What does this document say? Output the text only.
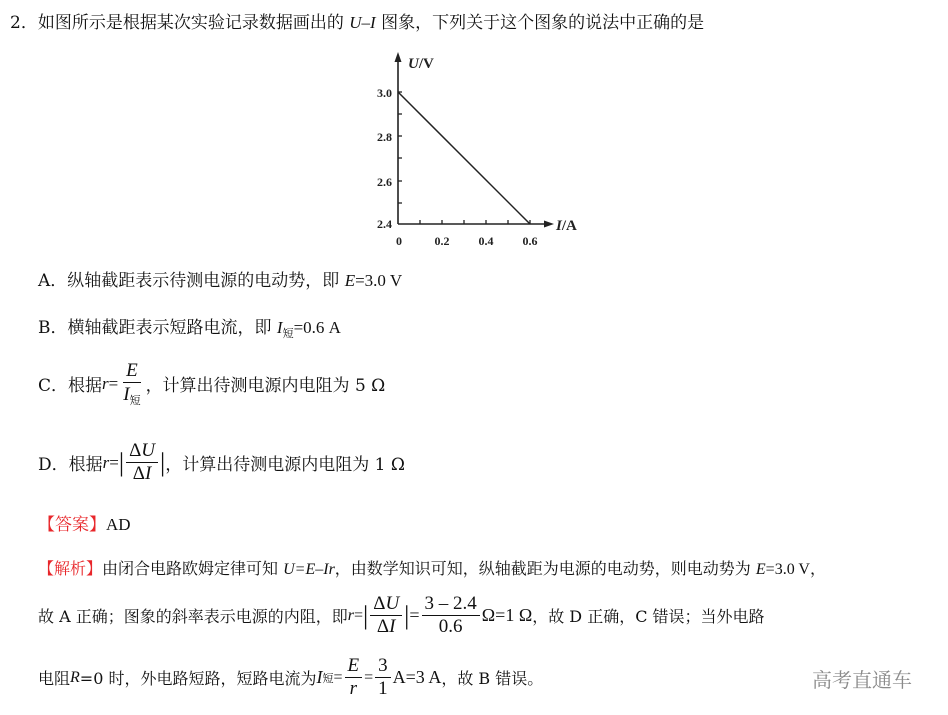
2．如图所示是根据某次实验记录数据画出的 U–I 图象，下列关于这个图象的说法中正确的是
3.0
2.8
2.6
2.4
0	0.2 0.4 0.6
U/V
I/A
A．纵轴截距表示待测电源的电动势，即 E=3.0 V
B．横轴截距表示短路电流，即 $I_短=0.6$ A
C． 根据 $r = \frac{E}{I_短}$ ，计算出待测电源内电阻为 5 Ω
D． 根据 r = | $\frac{\Delta U}{\Delta I}$ | ，计算出待测电源内电阻为 1 Ω
【答案】AD
【解析】由闭合电路欧姆定律可知 U=E–Ir，由数学知识可知，纵轴截距为电源的电动势，则电动势为 E=3.0 V，
故 A 正确；图象的斜率表示电源的内阻，即 r = | $\frac{\Delta U}{\Delta I}$ | = $\frac{3 - 2.4}{0.6} \Omega=1$ Ω ，故 D 正确，C 错误；当外电路
电阻 R =0 时，外电路短路，短路电流为 I 短 = $\frac{E}{r} = \frac{3}{1} A=3$ A ，故 B 错误。	高考直通车
